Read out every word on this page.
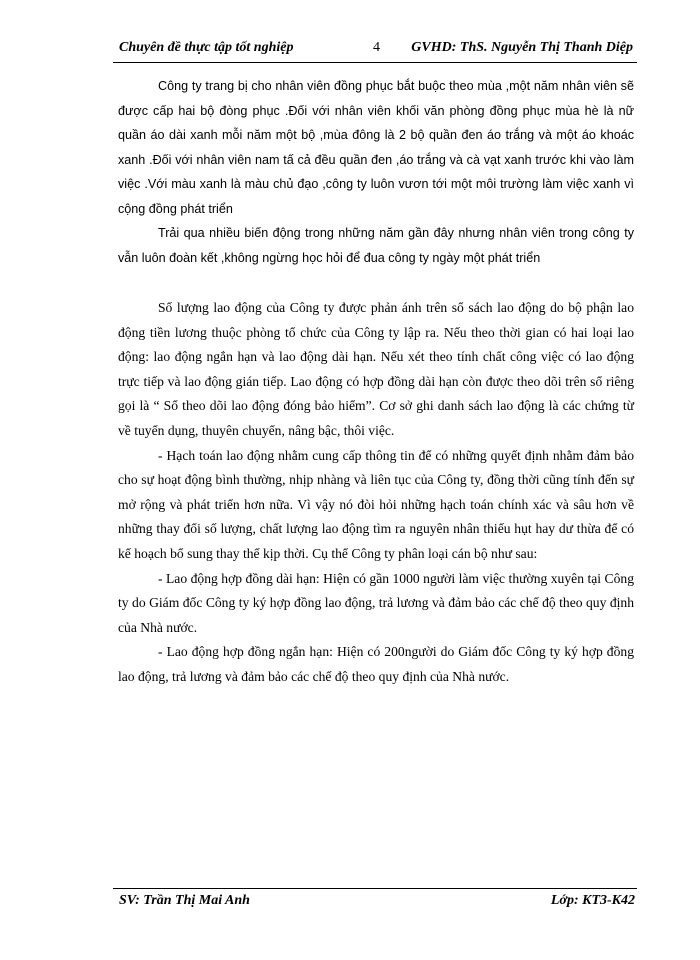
Chuyên đề thực tập tốt nghiệp	4 GVHD: ThS. Nguyễn Thị Thanh Diệp

Công ty trang bị cho nhân viên đồng phục bắt buộc theo mùa ,một năm nhân viên sẽ được cấp hai bộ đòng phục .Đối với nhân viên khối văn phòng đồng phục mùa hè là nữ quần áo dài xanh mỗi năm một bộ ,mùa đông là 2 bộ quần đen áo trắng và một áo khoác xanh .Đối với nhân viên nam tấ cả đều quần đen ,áo trắng và cà vạt xanh trước khi vào làm việc .Với màu xanh là màu chủ đạo ,công ty luôn vươn tới một môi trường làm việc xanh vì cộng đồng phát triển

Trải qua nhiều biến động trong những năm gần đây nhưng nhân viên trong công ty vẫn luôn đoàn kết ,không ngừng học hỏi để đua công ty ngày một phát triển

Số lượng lao động của Công ty được phản ánh trên sổ sách lao động do bộ phận lao động tiền lương thuộc phòng tổ chức của Công ty lập ra. Nếu theo thời gian có hai loại lao động: lao động ngắn hạn và lao động dài hạn. Nếu xét theo tính chất công việc có lao động trực tiếp và lao động gián tiếp. Lao động có hợp đồng dài hạn còn được theo dõi trên sổ riêng gọi là “ Sổ theo dõi lao động đóng bảo hiểm”. Cơ sở ghi danh sách lao động là các chứng từ về tuyển dụng, thuyên chuyển, nâng bậc, thôi việc.

- Hạch toán lao động nhằm cung cấp thông tin để có những quyết định nhằm đảm bảo cho sự hoạt động bình thường, nhịp nhàng và liên tục của Công ty, đồng thời cũng tính đến sự mở rộng và phát triển hơn nữa. Vì vậy nó đòi hỏi những hạch toán chính xác và sâu hơn về những thay đổi số lượng, chất lượng lao động tìm ra nguyên nhân thiếu hụt hay dư thừa để có kế hoạch bổ sung thay thế kịp thời. Cụ thể Công ty phân loại cán bộ như sau:

- Lao động hợp đồng dài hạn: Hiện có gần 1000 người làm việc thường xuyên tại Công ty do Giám đốc Công ty ký hợp đồng lao động, trả lương và đảm bảo các chế độ theo quy định của Nhà nước.

- Lao động hợp đồng ngắn hạn: Hiện có 200người do Giám đốc Công ty ký hợp đồng lao động, trả lương và đảm bảo các chế độ theo quy định của Nhà nước.

SV: Trần Thị Mai Anh	Lớp: KT3-K42
